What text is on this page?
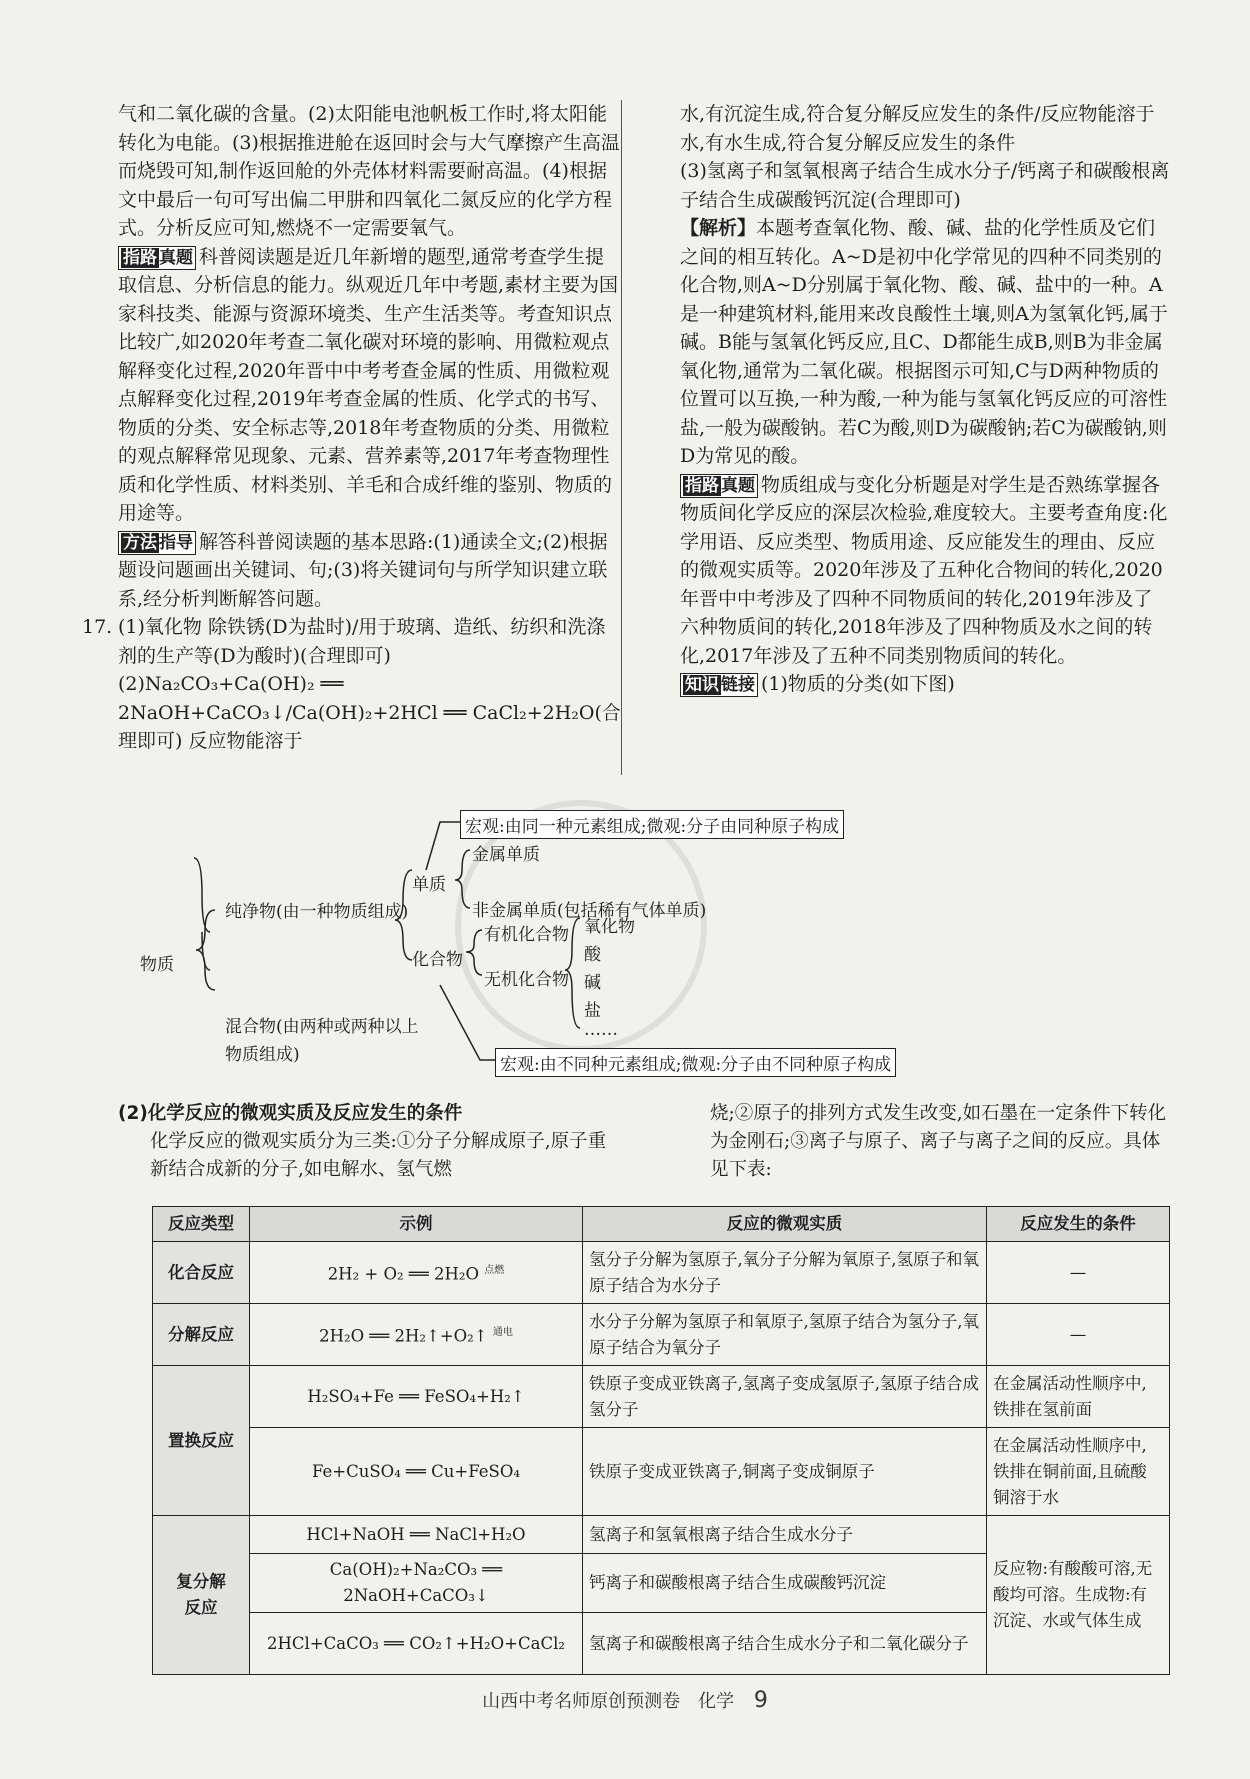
气和二氧化碳的含量。(2)太阳能电池帆板工作时,将太阳能转化为电能。(3)根据推进舱在返回时会与大气摩擦产生高温而烧毁可知,制作返回舱的外壳体材料需要耐高温。(4)根据文中最后一句可写出偏二甲肼和四氧化二氮反应的化学方程式。分析反应可知,燃烧不一定需要氧气。

指路 真题 科普阅读题是近几年新增的题型,通常考查学生提取信息、分析信息的能力。纵观近几年中考题,素材主要为国家科技类、能源与资源环境类、生产生活类等。考查知识点比较广,如2020年考查二氧化碳对环境的影响、用微粒观点解释变化过程,2020年晋中中考考查金属的性质、用微粒观点解释变化过程,2019年考查金属的性质、化学式的书写、物质的分类、安全标志等,2018年考查物质的分类、用微粒的观点解释常见现象、元素、营养素等,2017年考查物理性质和化学性质、材料类别、羊毛和合成纤维的鉴别、物质的用途等。

方法 指导 解答科普阅读题的基本思路:(1)通读全文;(2)根据题设问题画出关键词、句;(3)将关键词句与所学知识建立联系,经分析判断解答问题。

17. (1)氧化物 除铁锈(D为盐时)/用于玻璃、造纸、纺织和洗涤剂的生产等(D为酸时)(合理即可)

(2)Na₂CO₃+Ca(OH)₂ ══ 2NaOH+CaCO₃↓/Ca(OH)₂+2HCl ══ CaCl₂+2H₂O(合理即可) 反应物能溶于

水,有沉淀生成,符合复分解反应发生的条件/反应物能溶于水,有水生成,符合复分解反应发生的条件

(3)氢离子和氢氧根离子结合生成水分子/钙离子和碳酸根离子结合生成碳酸钙沉淀(合理即可)

【解析】本题考查氧化物、酸、碱、盐的化学性质及它们之间的相互转化。A~D是初中化学常见的四种不同类别的化合物,则A~D分别属于氧化物、酸、碱、盐中的一种。A是一种建筑材料,能用来改良酸性土壤,则A为氢氧化钙,属于碱。B能与氢氧化钙反应,且C、D都能生成B,则B为非金属氧化物,通常为二氧化碳。根据图示可知,C与D两种物质的位置可以互换,一种为酸,一种为能与氢氧化钙反应的可溶性盐,一般为碳酸钠。若C为酸,则D为碳酸钠;若C为碳酸钠,则D为常见的酸。

指路 真题 物质组成与变化分析题是对学生是否熟练掌握各物质间化学反应的深层次检验,难度较大。主要考查角度:化学用语、反应类型、物质用途、反应能发生的理由、反应的微观实质等。2020年涉及了五种化合物间的转化,2020年晋中中考涉及了四种不同物质间的转化,2019年涉及了六种物质间的转化,2018年涉及了四种物质及水之间的转化,2017年涉及了五种不同类别物质间的转化。

知识 链接 (1)物质的分类(如下图)

物质
纯净物(由一种物质组成)
混合物(由两种或两种以上
物质组成)
单质
化合物
金属单质
非金属单质(包括稀有气体单质)
有机化合物
无机化合物
氧化物
酸
碱
盐
……
宏观:由同一种元素组成;微观:分子由同种原子构成
宏观:由不同种元素组成;微观:分子由不同种原子构成
(2)化学反应的微观实质及反应发生的条件
化学反应的微观实质分为三类:①分子分解成原子,原子重新结合成新的分子,如电解水、氢气燃
烧;②原子的排列方式发生改变,如石墨在一定条件下转化为金刚石;③离子与原子、离子与离子之间的反应。具体见下表:
反应类型	示例	反应的微观实质	反应发生的条件
化合反应	2H₂ + O₂ ══ 2H₂O $^{点燃}$	氢分子分解为氢原子,氧分子分解为氧原子,氢原子和氧原子结合为水分子	—
分解反应	2H₂O ══ 2H₂↑+O₂↑ $^{通电}$	水分子分解为氢原子和氧原子,氢原子结合为氢分子,氧原子结合为氧分子	—
置换反应	H₂SO₄+Fe ══ FeSO₄+H₂↑	铁原子变成亚铁离子,氢离子变成氢原子,氢原子结合成氢分子	在金属活动性顺序中,铁排在氢前面
	Fe+CuSO₄ ══ Cu+FeSO₄	铁原子变成亚铁离子,铜离子变成铜原子	在金属活动性顺序中,铁排在铜前面,且硫酸铜溶于水
复分解
反应	HCl+NaOH ══ NaCl+H₂O	氢离子和氢氧根离子结合生成水分子	反应物:有酸酸可溶,无酸均可溶。生成物:有沉淀、水或气体生成
	Ca(OH)₂+Na₂CO₃ ══ 2NaOH+CaCO₃↓	钙离子和碳酸根离子结合生成碳酸钙沉淀	
	2HCl+CaCO₃ ══ CO₂↑+H₂O+CaCl₂	氢离子和碳酸根离子结合生成水分子和二氧化碳分子	
山西中考名师原创预测卷　化学 9
